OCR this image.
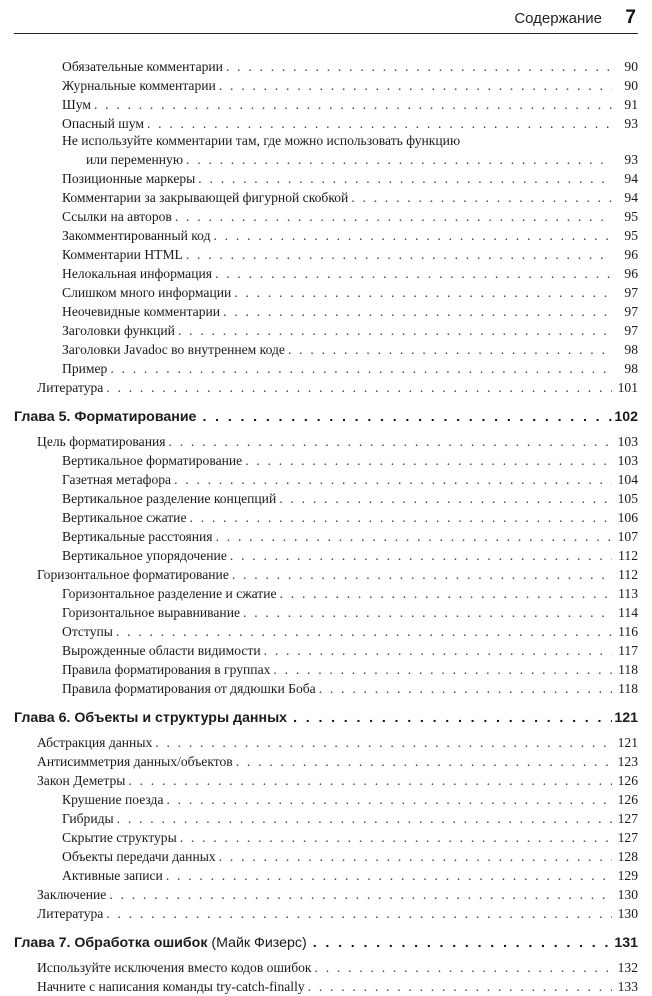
Содержание 7
Обязательные комментарии . . .	90
Журнальные комментарии . . .	90
Шум . . .	91
Опасный шум . . .	93
Не используйте комментарии там, где можно использовать функцию
или переменную . . .	93
Позиционные маркеры . . .	94
Комментарии за закрывающей фигурной скобкой . . .	94
Ссылки на авторов . . .	95
Закомментированный код . . .	95
Комментарии HTML . . .	96
Нелокальная информация . . .	96
Слишком много информации . . .	97
Неочевидные комментарии . . .	97
Заголовки функций . . .	97
Заголовки Javadoc во внутреннем коде . . .	98
Пример . . .	98
Литература . . .	101
Глава 5. Форматирование . . .	102
Цель форматирования . . .	103
Вертикальное форматирование . . .	103
Газетная метафора . . .	104
Вертикальное разделение концепций . . .	105
Вертикальное сжатие . . .	106
Вертикальные расстояния . . .	107
Вертикальное упорядочение . . .	112
Горизонтальное форматирование . . .	112
Горизонтальное разделение и сжатие . . .	113
Горизонтальное выравнивание . . .	114
Отступы . . .	116
Вырожденные области видимости . . .	117
Правила форматирования в группах . . .	118
Правила форматирования от дядюшки Боба . . .	118
Глава 6. Объекты и структуры данных . . .	121
Абстракция данных . . .	121
Антисимметрия данных/объектов . . .	123
Закон Деметры . . .	126
Крушение поезда . . .	126
Гибриды . . .	127
Скрытие структуры . . .	127
Объекты передачи данных . . .	128
Активные записи . . .	129
Заключение . . .	130
Литература . . .	130
Глава 7. Обработка ошибок (Майк Физерс) . . .	131
Используйте исключения вместо кодов ошибок . . .	132
Начните с написания команды try-catch-finally . . .	133
